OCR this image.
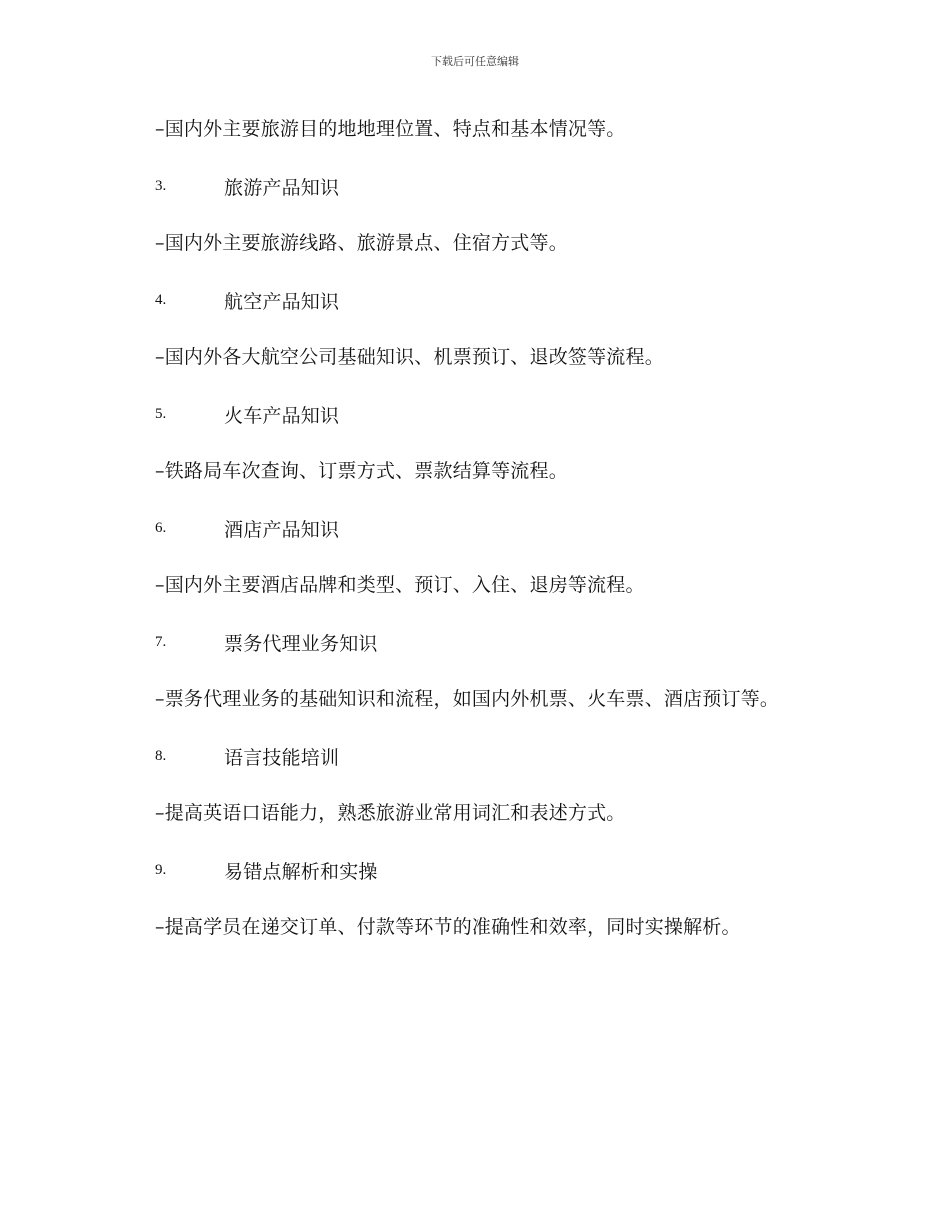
下载后可任意编辑

–国内外主要旅游目的地地理位置、特点和基本情况等。

3.	旅游产品知识

–国内外主要旅游线路、旅游景点、住宿方式等。

4.	航空产品知识

–国内外各大航空公司基础知识、机票预订、退改签等流程。

5.	火车产品知识

–铁路局车次查询、订票方式、票款结算等流程。

6.	酒店产品知识

–国内外主要酒店品牌和类型、预订、入住、退房等流程。

7.	票务代理业务知识

–票务代理业务的基础知识和流程，如国内外机票、火车票、酒店预订等。

8.	语言技能培训

–提高英语口语能力，熟悉旅游业常用词汇和表述方式。

9.	易错点解析和实操

–提高学员在递交订单、付款等环节的准确性和效率，同时实操解析。
